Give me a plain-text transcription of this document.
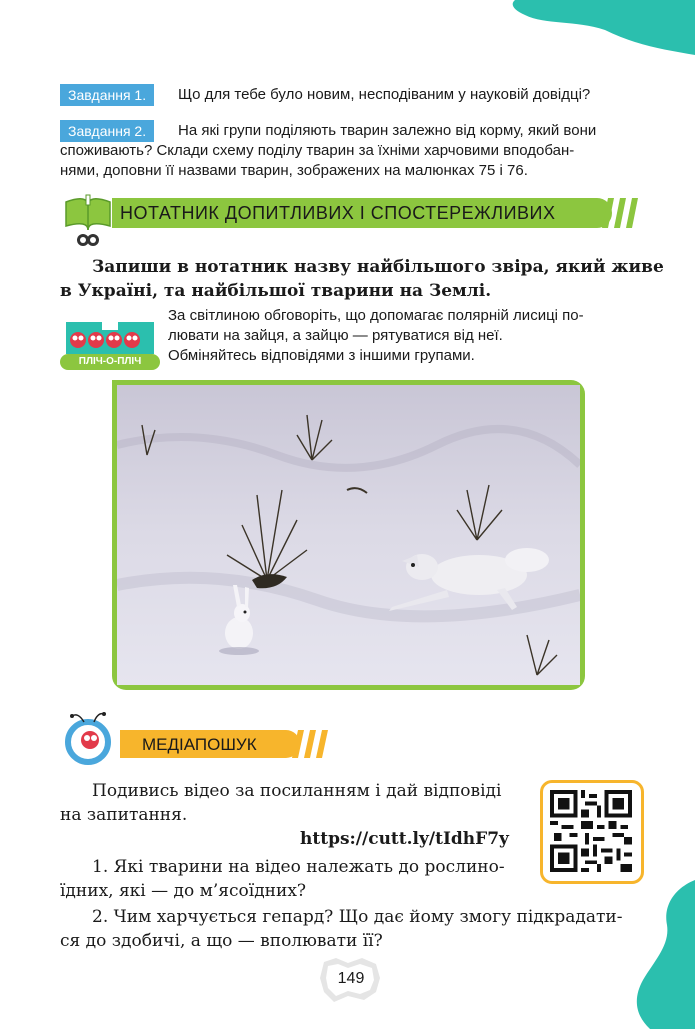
Завдання 1.	Що для тебе було новим, несподіваним у науковій довідці?
Завдання 2.	На які групи поділяють тварин залежно від корму, який вони
споживають? Склади схему поділу тварин за їхніми харчовими вподобан-
нями, доповни її назвами тварин, зображених на малюнках 75 і 76.
НОТАТНИК ДОПИТЛИВИХ І СПОСТЕРЕЖЛИВИХ
Запиши в нотатник назву найбільшого звіра, який живе
в Україні, та найбільшої тварини на Землі.
ПЛІЧ-О-ПЛІЧ
За світлиною обговоріть, що допомагає полярній лисиці по-
лювати на зайця, а зайцю — рятуватися від неї.
Обміняйтесь відповідями з іншими групами.
МЕДІАПОШУК
Подивись відео за посиланням і дай відповіді
на запитання.
https://cutt.ly/tIdhF7y
1. Які тварини на відео належать до рослино-
їдних, які — до м’ясоїдних?
2. Чим харчується гепард? Що дає йому змогу підкрадати-
ся до здобичі, а що — вполювати її?
149
